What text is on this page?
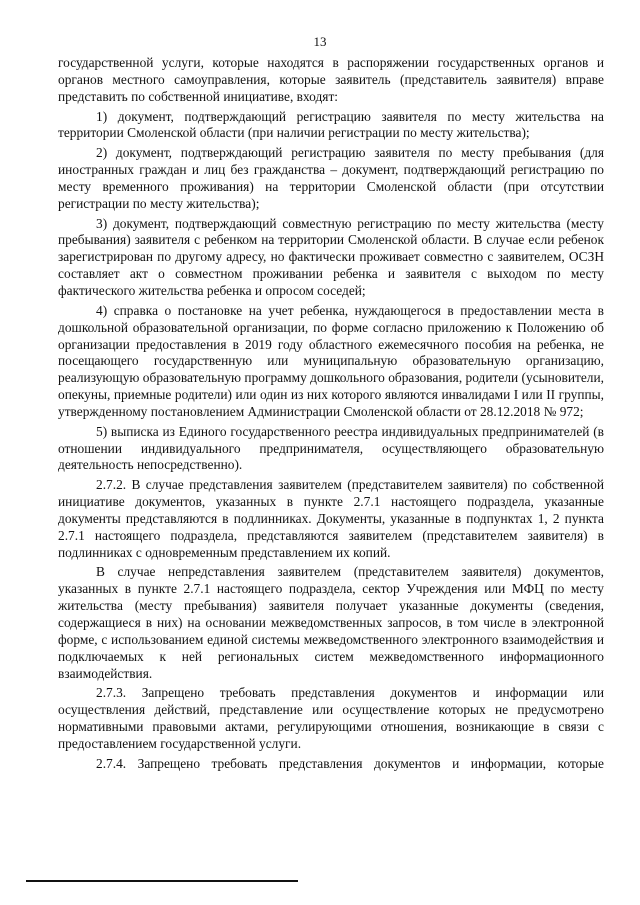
13

государственной услуги, которые находятся в распоряжении государственных органов и органов местного самоуправления, которые заявитель (представитель заявителя) вправе представить по собственной инициативе, входят:

1) документ, подтверждающий регистрацию заявителя по месту жительства на территории Смоленской области (при наличии регистрации по месту жительства);

2) документ, подтверждающий регистрацию заявителя по месту пребывания (для иностранных граждан и лиц без гражданства – документ, подтверждающий регистрацию по месту временного проживания) на территории Смоленской области (при отсутствии регистрации по месту жительства);

3) документ, подтверждающий совместную регистрацию по месту жительства (месту пребывания) заявителя с ребенком на территории Смоленской области. В случае если ребенок зарегистрирован по другому адресу, но фактически проживает совместно с заявителем, ОСЗН составляет акт о совместном проживании ребенка и заявителя с выходом по месту фактического жительства ребенка и опросом соседей;

4) справка о постановке на учет ребенка, нуждающегося в предоставлении места в дошкольной образовательной организации, по форме согласно приложению к Положению об организации предоставления в 2019 году областного ежемесячного пособия на ребенка, не посещающего государственную или муниципальную образовательную организацию, реализующую образовательную программу дошкольного образования, родители (усыновители, опекуны, приемные родители) или один из них которого являются инвалидами I или II группы, утвержденному постановлением Администрации Смоленской области от 28.12.2018 № 972;

5) выписка из Единого государственного реестра индивидуальных предпринимателей (в отношении индивидуального предпринимателя, осуществляющего образовательную деятельность непосредственно).

2.7.2. В случае представления заявителем (представителем заявителя) по собственной инициативе документов, указанных в пункте 2.7.1 настоящего подраздела, указанные документы представляются в подлинниках. Документы, указанные в подпунктах 1, 2 пункта 2.7.1 настоящего подраздела, представляются заявителем (представителем заявителя) в подлинниках с одновременным представлением их копий.

В случае непредставления заявителем (представителем заявителя) документов, указанных в пункте 2.7.1 настоящего подраздела, сектор Учреждения или МФЦ по месту жительства (месту пребывания) заявителя получает указанные документы (сведения, содержащиеся в них) на основании межведомственных запросов, в том числе в электронной форме, с использованием единой системы межведомственного электронного взаимодействия и подключаемых к ней региональных систем межведомственного информационного взаимодействия.

2.7.3. Запрещено требовать представления документов и информации или осуществления действий, представление или осуществление которых не предусмотрено нормативными правовыми актами, регулирующими отношения, возникающие в связи с предоставлением государственной услуги.

2.7.4. Запрещено требовать представления документов и информации, которые
